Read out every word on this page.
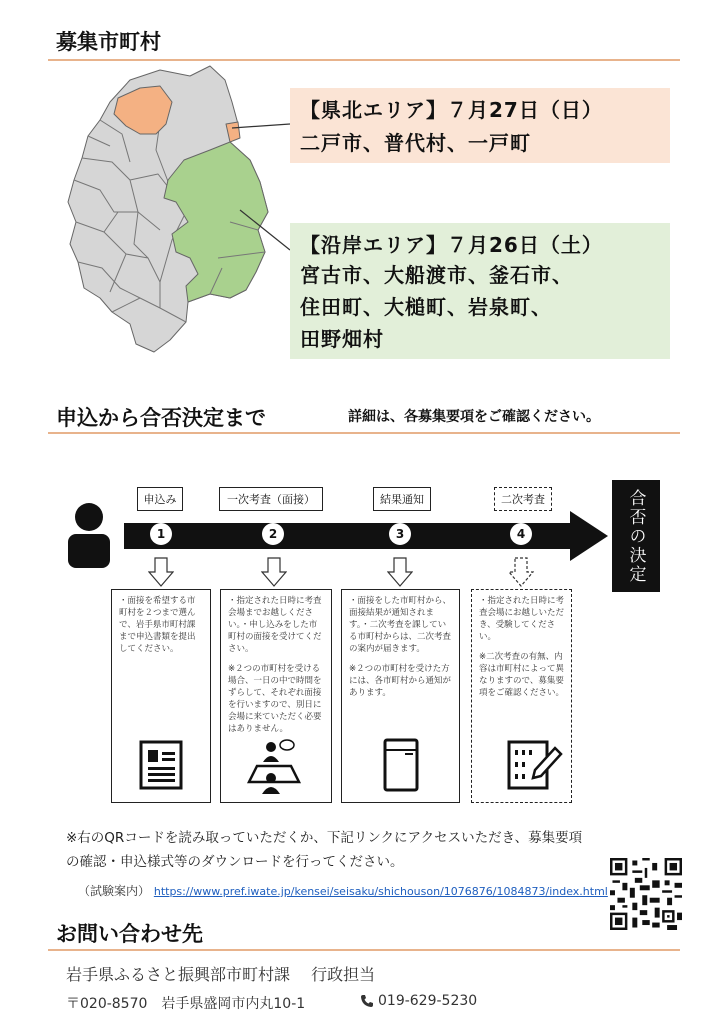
募集市町村
【県北エリア】７月27日（日）
二戸市、普代村、一戸町
【沿岸エリア】７月26日（土）
宮古市、大船渡市、釜石市、
住田町、大槌町、岩泉町、
田野畑村
申込から合否決定まで	詳細は、各募集要項をご確認ください。
合否の決定
申込み	一次考査（面接）	結果通知	二次考査
1	2	3	4

・面接を希望する市町村を２つまで選んで、岩手県市町村課まで申込書類を提出してください。

・指定された日時に考査会場までお越しください。・申し込みをした市町村の面接を受けてください。

※２つの市町村を受ける場合、一日の中で時間をずらして、それぞれ面接を行いますので、別日に会場に来ていただく必要はありません。

・面接をした市町村から、面接結果が通知されます。・二次考査を課している市町村からは、二次考査の案内が届きます。

※２つの市町村を受けた方には、各市町村から通知があります。

・指定された日時に考査会場にお越しいただき、受験してください。

※二次考査の有無、内容は市町村によって異なりますので、募集要項をご確認ください。

※右のQRコードを読み取っていただくか、下記リンクにアクセスいただき、募集要項
の確認・申込様式等のダウンロードを行ってください。
（試験案内） https://www.pref.iwate.jp/kensei/seisaku/shichouson/1076876/1084873/index.html
お問い合わせ先
岩手県ふるさと振興部市町村課　 行政担当
〒020-8570　岩手県盛岡市内丸10-1	019-629-5230
